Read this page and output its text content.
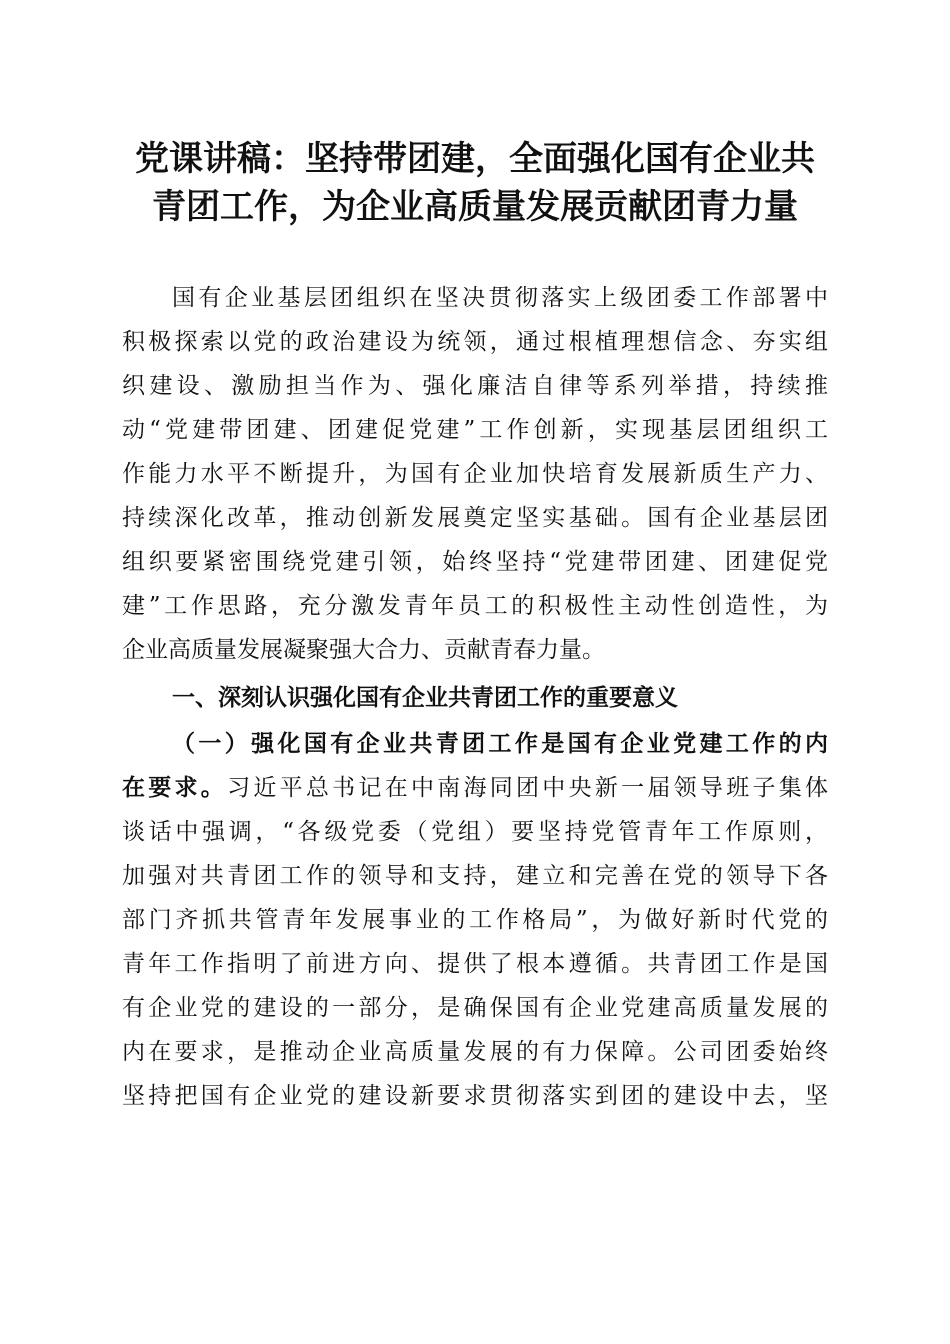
党课讲稿：坚持带团建，全面强化国有企业共
青团工作，为企业高质量发展贡献团青力量
国有企业基层团组织在坚决贯彻落实上级团委工作部署中
积极探索以党的政治建设为统领，通过根植理想信念、夯实组
织建设、激励担当作为、强化廉洁自律等系列举措，持续推
动“党建带团建、团建促党建”工作创新，实现基层团组织工
作能力水平不断提升，为国有企业加快培育发展新质生产力、
持续深化改革，推动创新发展奠定坚实基础。国有企业基层团
组织要紧密围绕党建引领，始终坚持“党建带团建、团建促党
建”工作思路，充分激发青年员工的积极性主动性创造性，为
企业高质量发展凝聚强大合力、贡献青春力量。
一、深刻认识强化国有企业共青团工作的重要意义
（一）强化国有企业共青团工作是国有企业党建工作的内
在要求。习近平总书记在中南海同团中央新一届领导班子集体
谈话中强调，“各级党委（党组）要坚持党管青年工作原则，
加强对共青团工作的领导和支持，建立和完善在党的领导下各
部门齐抓共管青年发展事业的工作格局”，为做好新时代党的
青年工作指明了前进方向、提供了根本遵循。共青团工作是国
有企业党的建设的一部分，是确保国有企业党建高质量发展的
内在要求，是推动企业高质量发展的有力保障。公司团委始终
坚持把国有企业党的建设新要求贯彻落实到团的建设中去，坚
